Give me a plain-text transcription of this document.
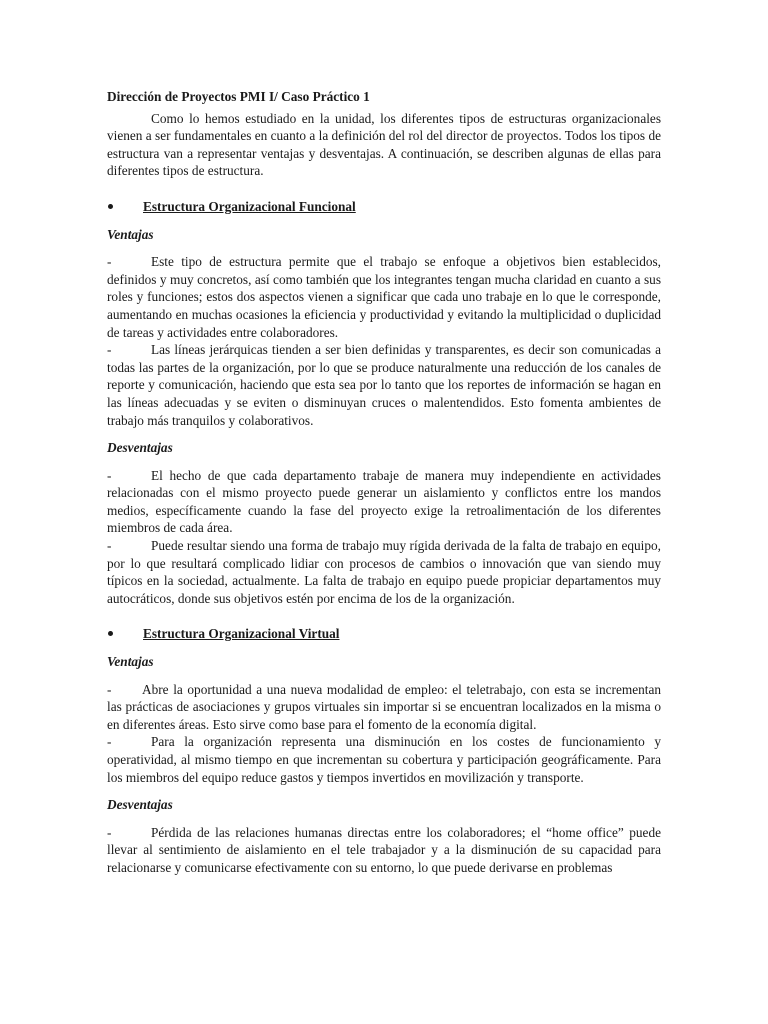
Dirección de Proyectos PMI I/ Caso Práctico 1

Como lo hemos estudiado en la unidad, los diferentes tipos de estructuras organizacionales vienen a ser fundamentales en cuanto a la definición del rol del director de proyectos. Todos los tipos de estructura van a representar ventajas y desventajas. A continuación, se describen algunas de ellas para diferentes tipos de estructura.

Estructura Organizacional Funcional
Ventajas

-	Este tipo de estructura permite que el trabajo se enfoque a objetivos bien establecidos, definidos y muy concretos, así como también que los integrantes tengan mucha claridad en cuanto a sus roles y funciones; estos dos aspectos vienen a significar que cada uno trabaje en lo que le corresponde, aumentando en muchas ocasiones la eficiencia y productividad y evitando la multiplicidad o duplicidad de tareas y actividades entre colaboradores.

-	Las líneas jerárquicas tienden a ser bien definidas y transparentes, es decir son comunicadas a todas las partes de la organización, por lo que se produce naturalmente una reducción de los canales de reporte y comunicación, haciendo que esta sea por lo tanto que los reportes de información se hagan en las líneas adecuadas y se eviten o disminuyan cruces o malentendidos. Esto fomenta ambientes de trabajo más tranquilos y colaborativos.

Desventajas

-	El hecho de que cada departamento trabaje de manera muy independiente en actividades relacionadas con el mismo proyecto puede generar un aislamiento y conflictos entre los mandos medios, específicamente cuando la fase del proyecto exige la retroalimentación de los diferentes miembros de cada área.

-	Puede resultar siendo una forma de trabajo muy rígida derivada de la falta de trabajo en equipo, por lo que resultará complicado lidiar con procesos de cambios o innovación que van siendo muy típicos en la sociedad, actualmente. La falta de trabajo en equipo puede propiciar departamentos muy autocráticos, donde sus objetivos estén por encima de los de la organización.

Estructura Organizacional Virtual
Ventajas

- Abre la oportunidad a una nueva modalidad de empleo: el teletrabajo, con esta se incrementan las prácticas de asociaciones y grupos virtuales sin importar si se encuentran localizados en la misma o en diferentes áreas. Esto sirve como base para el fomento de la economía digital.

-	Para la organización representa una disminución en los costes de funcionamiento y operatividad, al mismo tiempo en que incrementan su cobertura y participación geográficamente. Para los miembros del equipo reduce gastos y tiempos invertidos en movilización y transporte.

Desventajas

-	Pérdida de las relaciones humanas directas entre los colaboradores; el “home office” puede llevar al sentimiento de aislamiento en el tele trabajador y a la disminución de su capacidad para relacionarse y comunicarse efectivamente con su entorno, lo que puede derivarse en problemas
